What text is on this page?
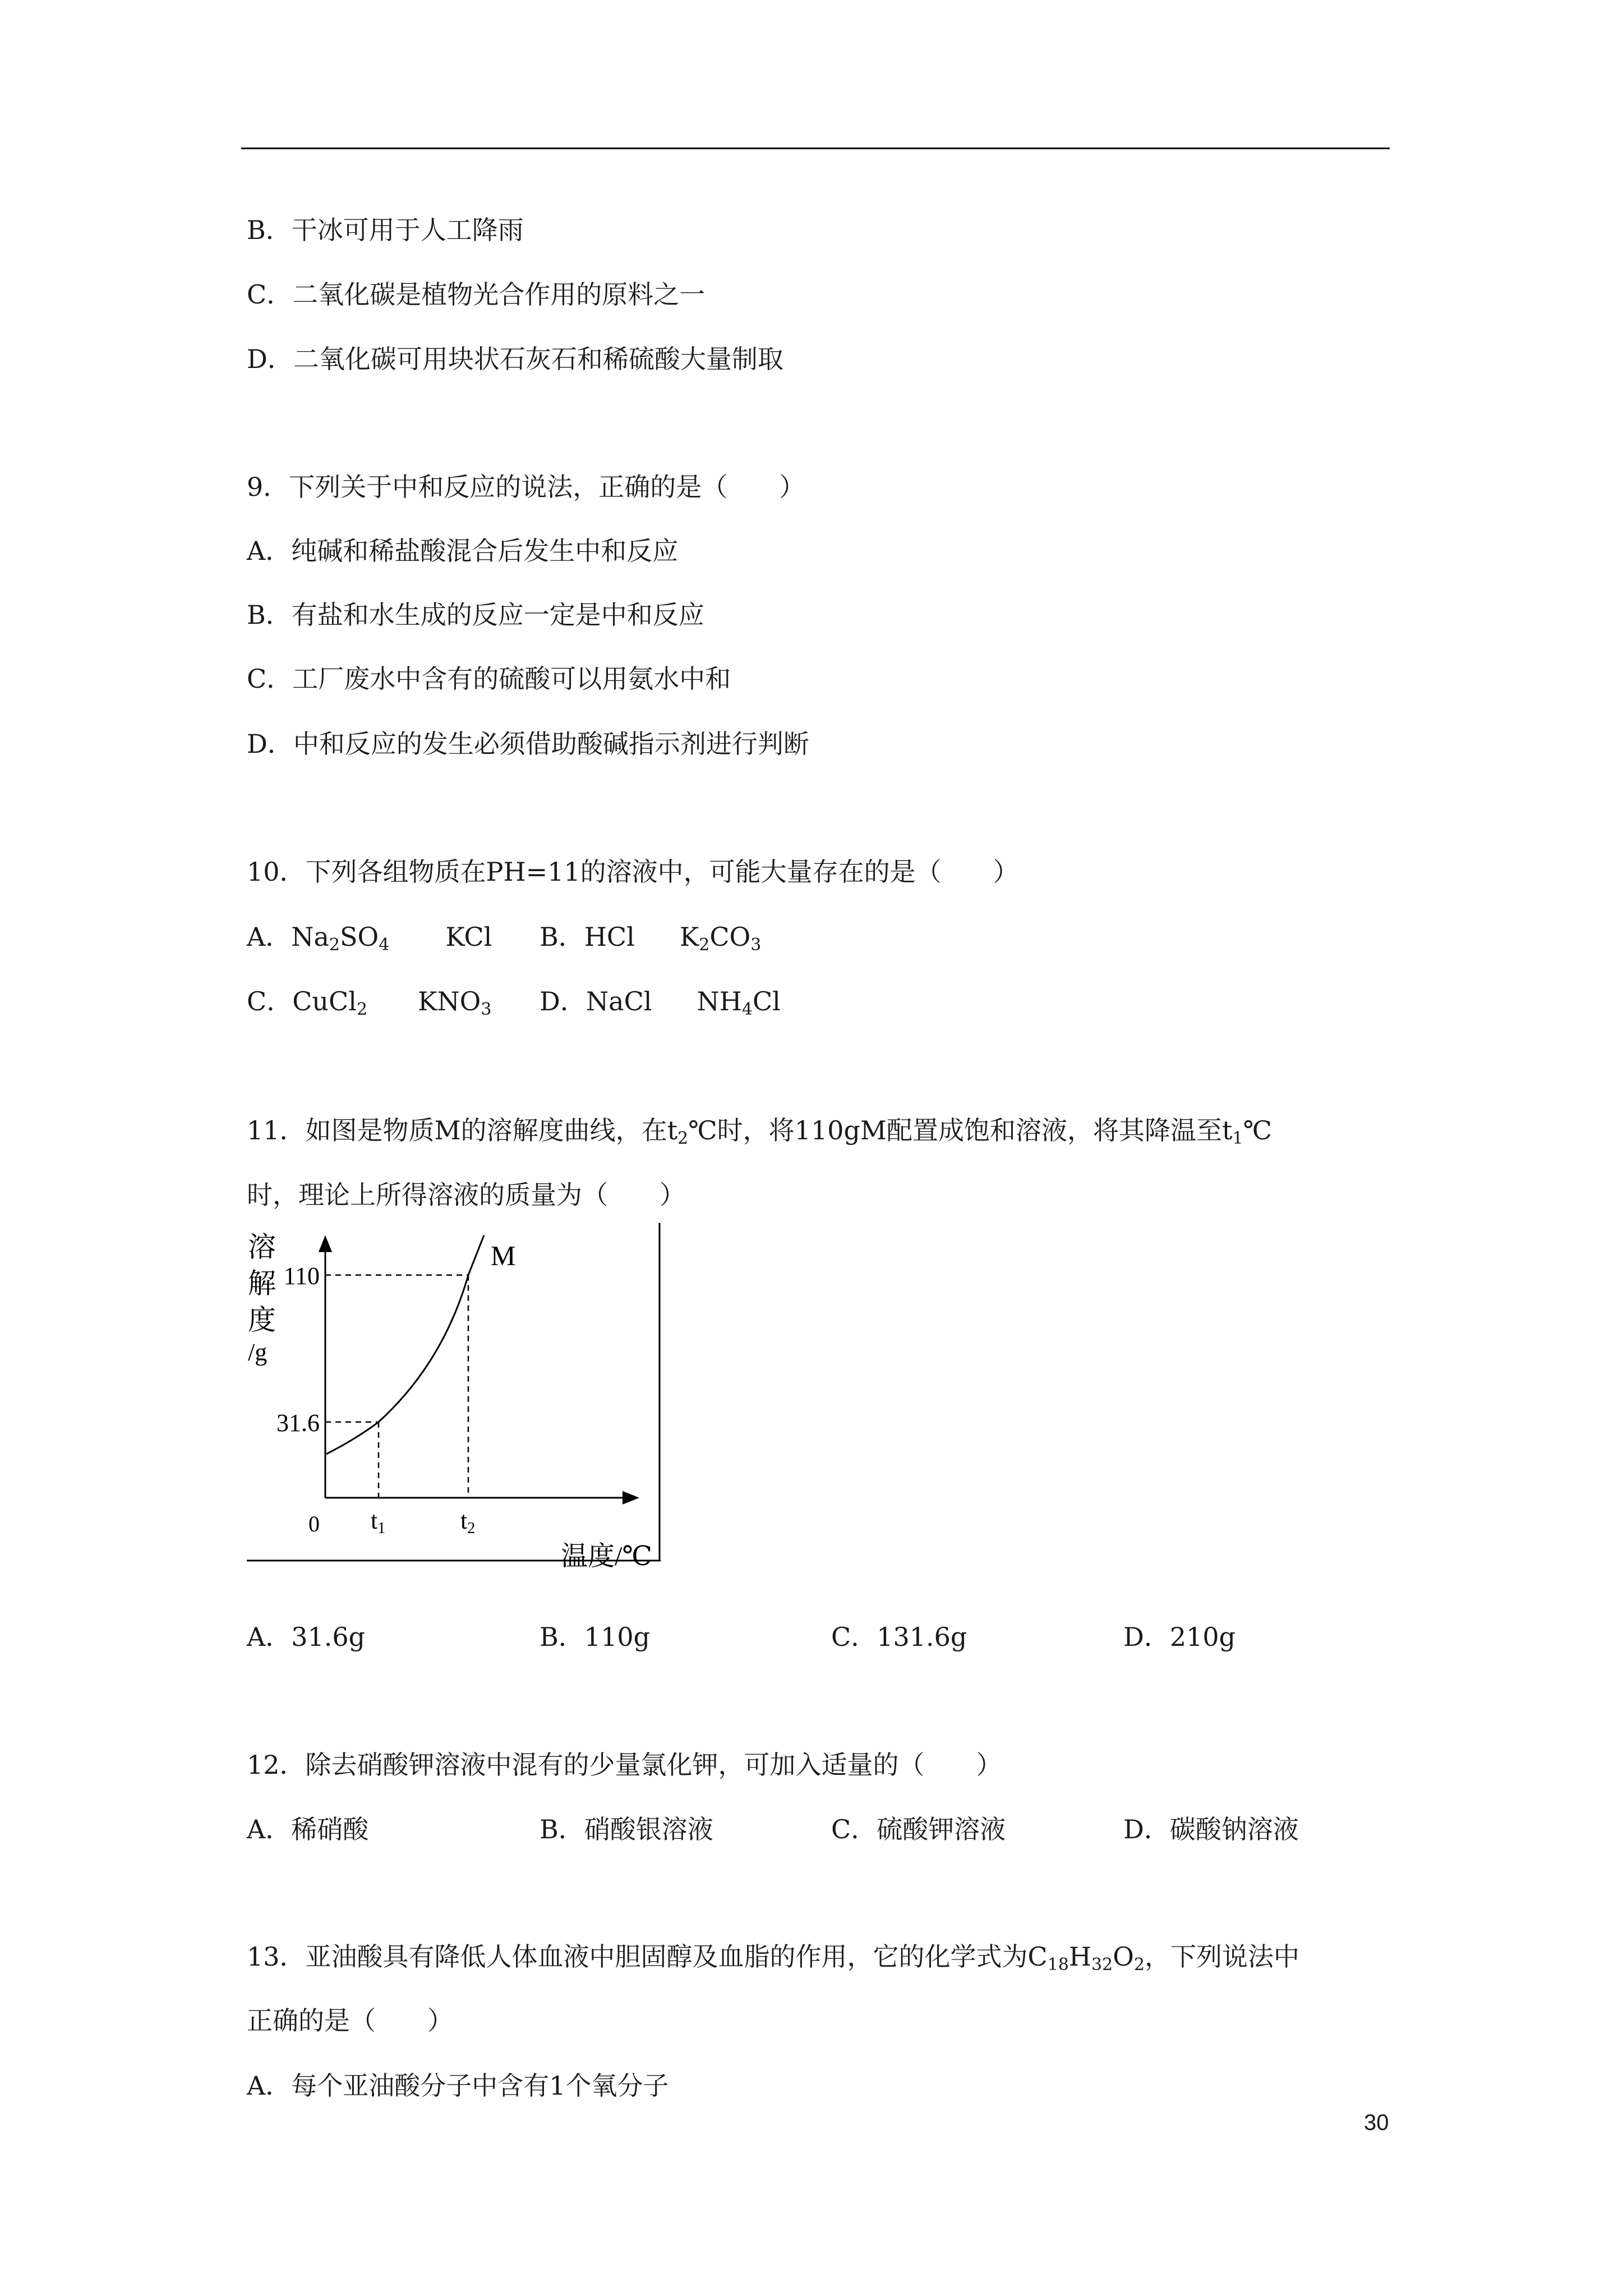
B．干冰可用于人工降雨
C．二氧化碳是植物光合作用的原料之一
D．二氧化碳可用块状石灰石和稀硫酸大量制取
9．下列关于中和反应的说法，正确的是（　　）
A．纯碱和稀盐酸混合后发生中和反应
B．有盐和水生成的反应一定是中和反应
C．工厂废水中含有的硫酸可以用氨水中和
D．中和反应的发生必须借助酸碱指示剂进行判断
10．下列各组物质在PH=11的溶液中，可能大量存在的是（　　）
A．$Na_2SO_4$ KCl B．HCl $K_2CO_3$
C．CuCl$_2$ $KNO_3$ D．NaCl $NH_4Cl$
11．如图是物质M的溶解度曲线，在$t_2℃$时，将110gM配置成饱和溶液，将其降温至$t_1℃$
时，理论上所得溶液的质量为（　　）
溶
解
度
/g
M
31.6
110
t1	t2
0
温度/℃
A．31.6g	B．110g	C．131.6g	D．210g
12．除去硝酸钾溶液中混有的少量氯化钾，可加入适量的（　　）
A．稀硝酸	B．硝酸银溶液	C．硫酸钾溶液	D．碳酸钠溶液
13．亚油酸具有降低人体血液中胆固醇及血脂的作用，它的化学式为$C_{18}H_{32}O_2$，下列说法中
正确的是（　　）
A．每个亚油酸分子中含有1个氧分子
30
